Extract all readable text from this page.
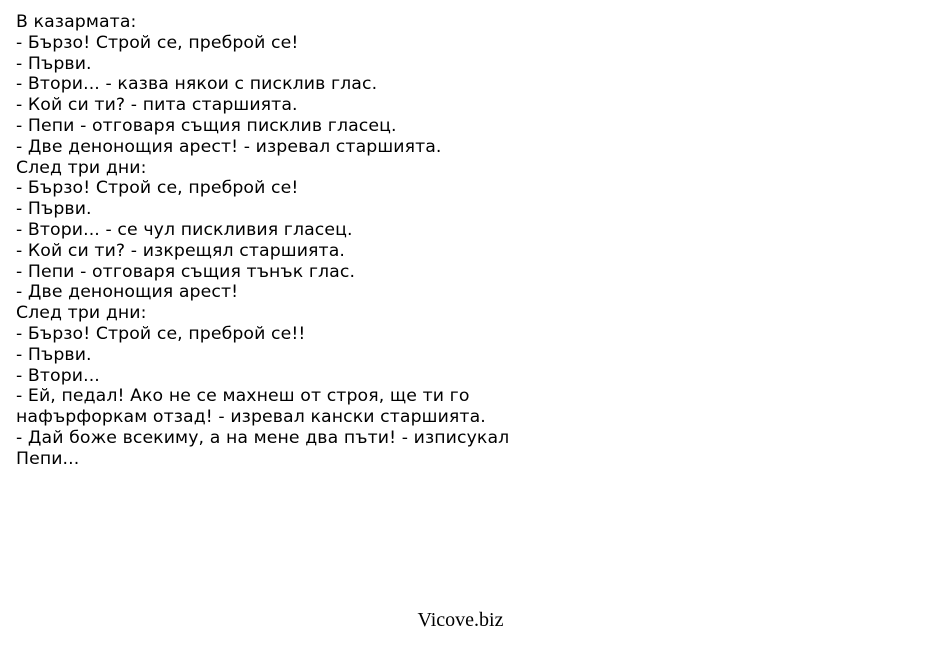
В казармата:
- Бързо! Строй се, преброй се!
- Първи.
- Втори... - казва някои с писклив глас.
- Кой си ти? - пита старшията.
- Пепи - отговаря същия писклив гласец.
- Две денонощия арест! - изревал старшията.
След три дни:
- Бързо! Строй се, преброй се!
- Първи.
- Втори... - се чул пискливия гласец.
- Кой си ти? - изкрещял старшията.
- Пепи - отговаря същия тънък глас.
- Две денонощия арест!
След три дни:
- Бързо! Строй се, преброй се!!
- Първи.
- Втори...
- Ей, педал! Ако не се махнеш от строя, ще ти го
нафърфоркам отзад! - изревал кански старшията.
- Дай боже всекиму, а на мене два пъти! - изписукал
Пепи...
Vicove.biz
